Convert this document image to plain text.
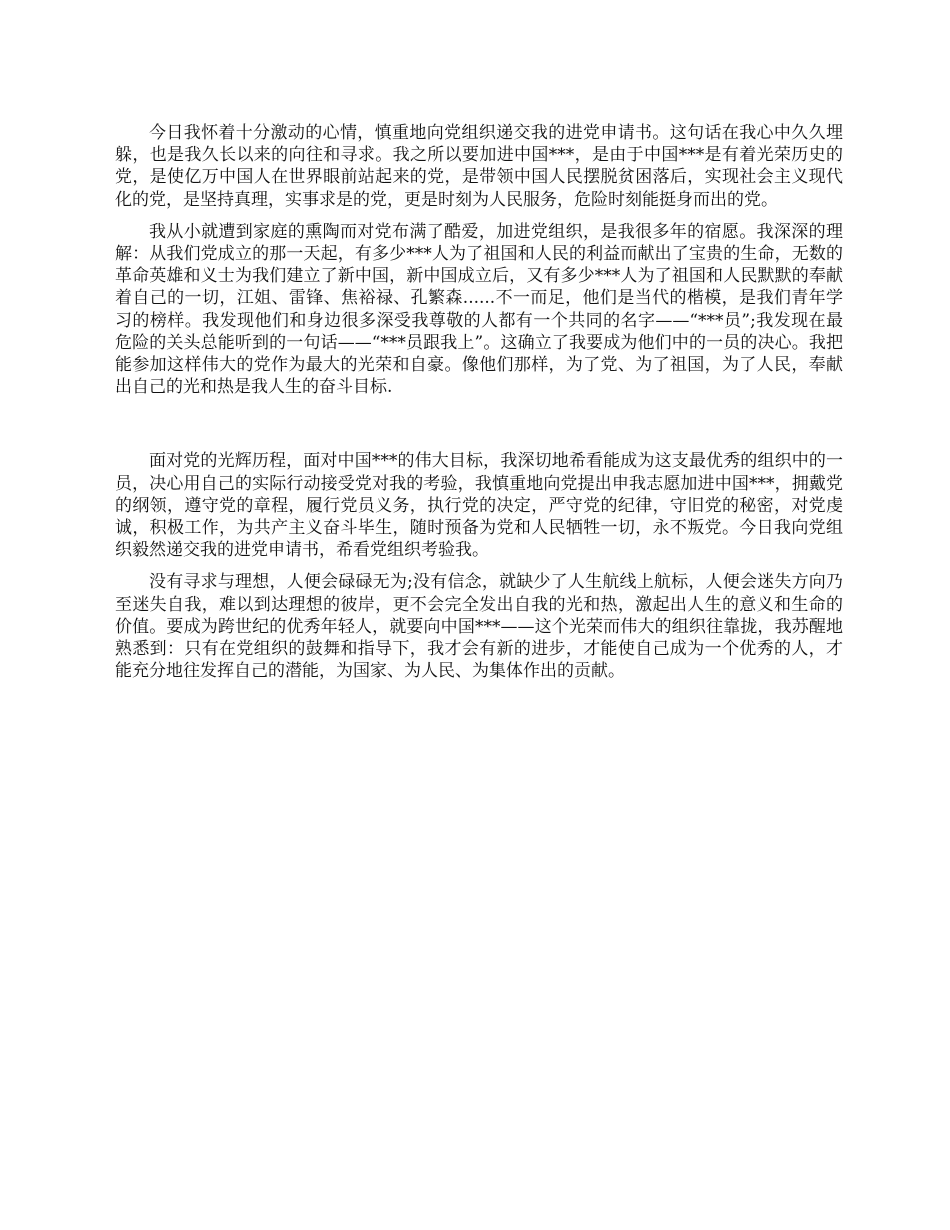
今日我怀着十分激动的心情，慎重地向党组织递交我的进党申请书。这句话在我心中久久埋躲，也是我久长以来的向往和寻求。我之所以要加进中国***，是由于中国***是有着光荣历史的党，是使亿万中国人在世界眼前站起来的党，是带领中国人民摆脱贫困落后，实现社会主义现代化的党，是坚持真理，实事求是的党，更是时刻为人民服务，危险时刻能挺身而出的党。

我从小就遭到家庭的熏陶而对党布满了酷爱，加进党组织，是我很多年的宿愿。我深深的理解：从我们党成立的那一天起，有多少***人为了祖国和人民的利益而献出了宝贵的生命，无数的革命英雄和义士为我们建立了新中国，新中国成立后，又有多少***人为了祖国和人民默默的奉献着自己的一切，江姐、雷锋、焦裕禄、孔繁森......不一而足，他们是当代的楷模，是我们青年学习的榜样。我发现他们和身边很多深受我尊敬的人都有一个共同的名字——“***员”;我发现在最危险的关头总能听到的一句话——“***员跟我上”。这确立了我要成为他们中的一员的决心。我把能参加这样伟大的党作为最大的光荣和自豪。像他们那样，为了党、为了祖国，为了人民，奉献出自己的光和热是我人生的奋斗目标.

面对党的光辉历程，面对中国***的伟大目标，我深切地希看能成为这支最优秀的组织中的一员，决心用自己的实际行动接受党对我的考验，我慎重地向党提出申我志愿加进中国***，拥戴党的纲领，遵守党的章程，履行党员义务，执行党的决定，严守党的纪律，守旧党的秘密，对党虔诚，积极工作，为共产主义奋斗毕生，随时预备为党和人民牺牲一切，永不叛党。今日我向党组织毅然递交我的进党申请书，希看党组织考验我。

没有寻求与理想，人便会碌碌无为;没有信念，就缺少了人生航线上航标，人便会迷失方向乃至迷失自我，难以到达理想的彼岸，更不会完全发出自我的光和热，激起出人生的意义和生命的价值。要成为跨世纪的优秀年轻人，就要向中国***——这个光荣而伟大的组织往靠拢，我苏醒地熟悉到：只有在党组织的鼓舞和指导下，我才会有新的进步，才能使自己成为一个优秀的人，才能充分地往发挥自己的潜能，为国家、为人民、为集体作出的贡献。
